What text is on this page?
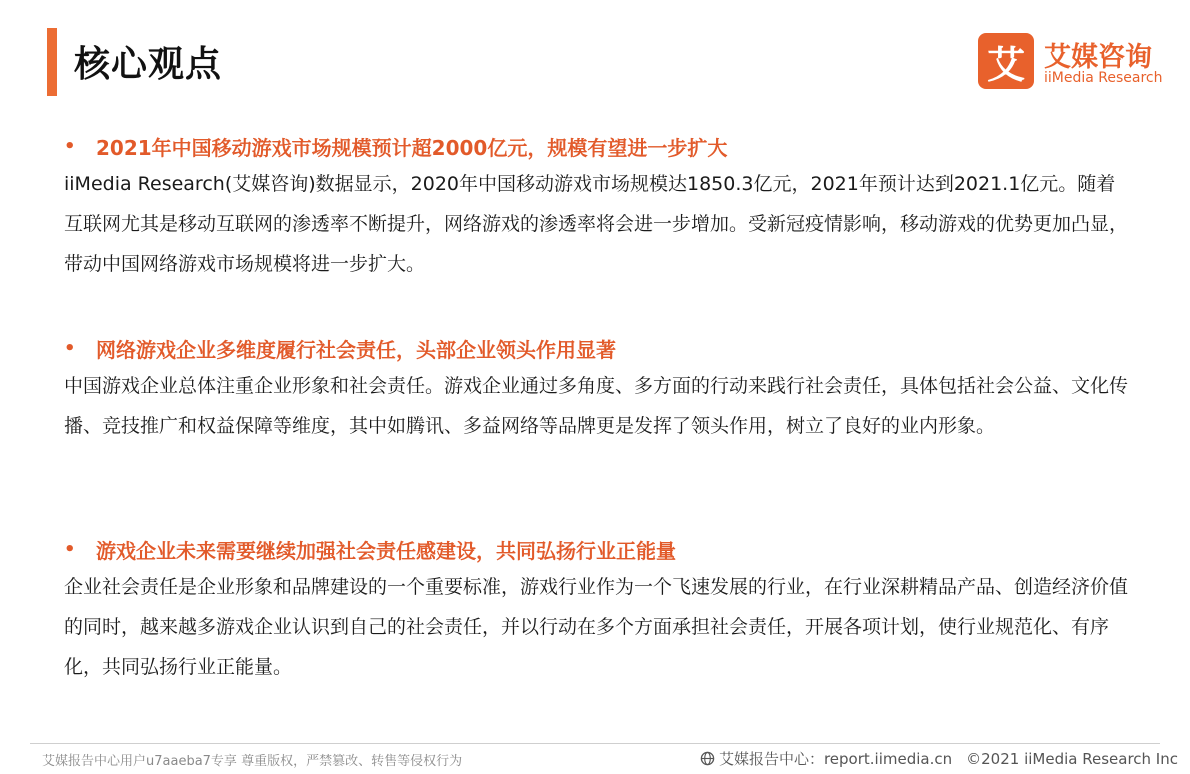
核心观点	艾 艾媒咨询
iiMedia Research
•	2021年中国移动游戏市场规模预计超2000亿元，规模有望进一步扩大
iiMedia Research(艾媒咨询)数据显示，2020年中国移动游戏市场规模达1850.3亿元，2021年预计达到2021.1亿元。随着互联网尤其是移动互联网的渗透率不断提升，网络游戏的渗透率将会进一步增加。受新冠疫情影响，移动游戏的优势更加凸显，带动中国网络游戏市场规模将进一步扩大。
•	网络游戏企业多维度履行社会责任，头部企业领头作用显著
中国游戏企业总体注重企业形象和社会责任。游戏企业通过多角度、多方面的行动来践行社会责任，具体包括社会公益、文化传播、竞技推广和权益保障等维度，其中如腾讯、多益网络等品牌更是发挥了领头作用，树立了良好的业内形象。
•	游戏企业未来需要继续加强社会责任感建设，共同弘扬行业正能量
企业社会责任是企业形象和品牌建设的一个重要标准，游戏行业作为一个飞速发展的行业，在行业深耕精品产品、创造经济价值的同时，越来越多游戏企业认识到自己的社会责任，并以行动在多个方面承担社会责任，开展各项计划，使行业规范化、有序化，共同弘扬行业正能量。
艾媒报告中心用户u7aaeba7专享 尊重版权，严禁篡改、转售等侵权行为	艾媒报告中心：report.iimedia.cn ©2021 iiMedia Research Inc
